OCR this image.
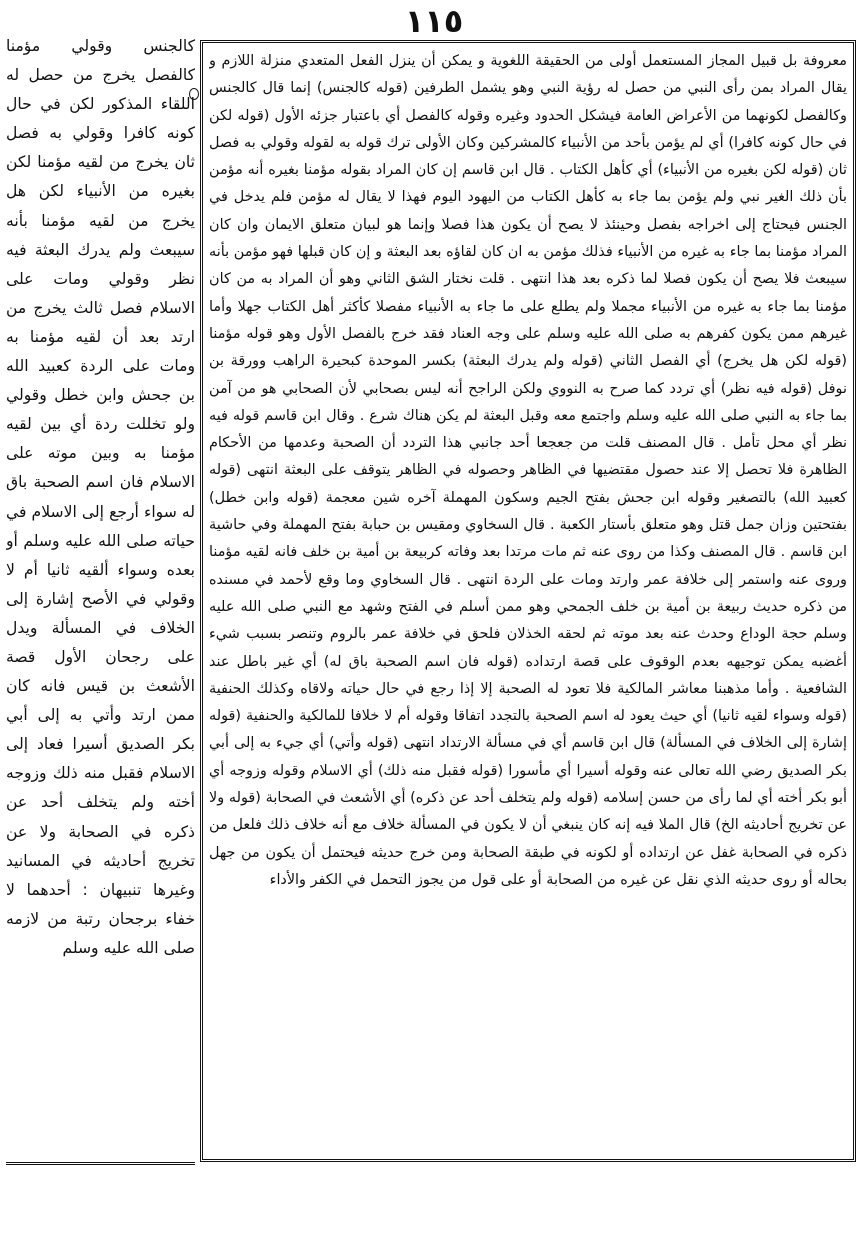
١١٥

كالجنس وقولي مؤمنا كالفصل يخرج من حصل له اللقاء المذكور لكن في حال كونه كافرا وقولي به فصل ثان يخرج من لقيه مؤمنا لكن بغيره من الأنبياء لكن هل يخرج من لقيه مؤمنا بأنه سيبعث ولم يدرك البعثة فيه نظر وقولي ومات على الاسلام فصل ثالث يخرج من ارتد بعد أن لقيه مؤمنا به ومات على الردة كعبيد الله بن جحش وابن خطل وقولي ولو تخللت ردة أي بين لقيه مؤمنا به وبين موته على الاسلام فان اسم الصحبة باق له سواء أرجع إلى الاسلام في حياته صلى الله عليه وسلم أو بعده وسواء ألقيه ثانيا أم لا وقولي في الأصح إشارة إلى الخلاف في المسألة ويدل على رجحان الأول قصة الأشعث بن قيس فانه كان ممن ارتد وأتي به إلى أبي بكر الصديق أسيرا فعاد إلى الاسلام فقبل منه ذلك وزوجه أخته ولم يتخلف أحد عن ذكره في الصحابة ولا عن تخريج أحاديثه في المسانيد وغيرها تنبيهان : أحدهما لا خفاء برجحان رتبة من لازمه صلى الله عليه وسلم

معروفة بل قبيل المجاز المستعمل أولى من الحقيقة اللغوية و يمكن أن ينزل الفعل المتعدي منزلة اللازم و يقال المراد بمن رأى النبي من حصل له رؤية النبي وهو يشمل الطرفين (قوله كالجنس) إنما قال كالجنس وكالفصل لكونهما من الأعراض العامة فيشكل الحدود وغيره وقوله كالفصل أي باعتبار جزئه الأول (قوله لكن في حال كونه كافرا) أي لم يؤمن بأحد من الأنبياء كالمشركين وكان الأولى ترك قوله به لقوله وقولي به فصل ثان (قوله لكن بغيره من الأنبياء) أي كأهل الكتاب . قال ابن قاسم إن كان المراد بقوله مؤمنا بغيره أنه مؤمن بأن ذلك الغير نبي ولم يؤمن بما جاء به كأهل الكتاب من اليهود اليوم فهذا لا يقال له مؤمن فلم يدخل في الجنس فيحتاج إلى اخراجه بفصل وحينئذ لا يصح أن يكون هذا فصلا وإنما هو لبيان متعلق الايمان وان كان المراد مؤمنا بما جاء به غيره من الأنبياء فذلك مؤمن به ان كان لقاؤه بعد البعثة و إن كان قبلها فهو مؤمن بأنه سيبعث فلا يصح أن يكون فصلا لما ذكره بعد هذا انتهى . قلت نختار الشق الثاني وهو أن المراد به من كان مؤمنا بما جاء به غيره من الأنبياء مجملا ولم يطلع على ما جاء به الأنبياء مفصلا كأكثر أهل الكتاب جهلا وأما غيرهم ممن يكون كفرهم به صلى الله عليه وسلم على وجه العناد فقد خرج بالفصل الأول وهو قوله مؤمنا (قوله لكن هل يخرج) أي الفصل الثاني (قوله ولم يدرك البعثة) بكسر الموحدة كبحيرة الراهب وورقة بن نوفل (قوله فيه نظر) أي تردد كما صرح به النووي ولكن الراجح أنه ليس بصحابي لأن الصحابي هو من آمن بما جاء به النبي صلى الله عليه وسلم واجتمع معه وقبل البعثة لم يكن هناك شرع . وقال ابن قاسم قوله فيه نظر أي محل تأمل . قال المصنف قلت من جعجعا أحد جانبي هذا التردد أن الصحبة وعدمها من الأحكام الظاهرة فلا تحصل إلا عند حصول مقتضيها في الظاهر وحصوله في الظاهر يتوقف على البعثة انتهى (قوله كعبيد الله) بالتصغير وقوله ابن جحش بفتح الجيم وسكون المهملة آخره شين معجمة (قوله وابن خطل) بفتحتين وزان جمل قتل وهو متعلق بأستار الكعبة . قال السخاوي ومقيس بن حبابة بفتح المهملة وفي حاشية ابن قاسم . قال المصنف وكذا من روى عنه ثم مات مرتدا بعد وفاته كربيعة بن أمية بن خلف فانه لقيه مؤمنا وروى عنه واستمر إلى خلافة عمر وارتد ومات على الردة انتهى . قال السخاوي وما وقع لأحمد في مسنده من ذكره حديث ربيعة بن أمية بن خلف الجمحي وهو ممن أسلم في الفتح وشهد مع النبي صلى الله عليه وسلم حجة الوداع وحدث عنه بعد موته ثم لحقه الخذلان فلحق في خلافة عمر بالروم وتنصر بسبب شيء أغضبه يمكن توجيهه بعدم الوقوف على قصة ارتداده (قوله فان اسم الصحبة باق له) أي غير باطل عند الشافعية . وأما مذهبنا معاشر المالكية فلا تعود له الصحبة إلا إذا رجع في حال حياته ولاقاه وكذلك الحنفية (قوله وسواء لقيه ثانيا) أي حيث يعود له اسم الصحبة بالتجدد اتفاقا وقوله أم لا خلافا للمالكية والحنفية (قوله إشارة إلى الخلاف في المسألة) قال ابن قاسم أي في مسألة الارتداد انتهى (قوله وأتي) أي جيء به إلى أبي بكر الصديق رضي الله تعالى عنه وقوله أسيرا أي مأسورا (قوله فقبل منه ذلك) أي الاسلام وقوله وزوجه أي أبو بكر أخته أي لما رأى من حسن إسلامه (قوله ولم يتخلف أحد عن ذكره) أي الأشعث في الصحابة (قوله ولا عن تخريج أحاديثه الخ) قال الملا فيه إنه كان ينبغي أن لا يكون في المسألة خلاف مع أنه خلاف ذلك فلعل من ذكره في الصحابة غفل عن ارتداده أو لكونه في طبقة الصحابة ومن خرج حديثه فيحتمل أن يكون من جهل بحاله أو روى حديثه الذي نقل عن غيره من الصحابة أو على قول من يجوز التحمل في الكفر والأداء
